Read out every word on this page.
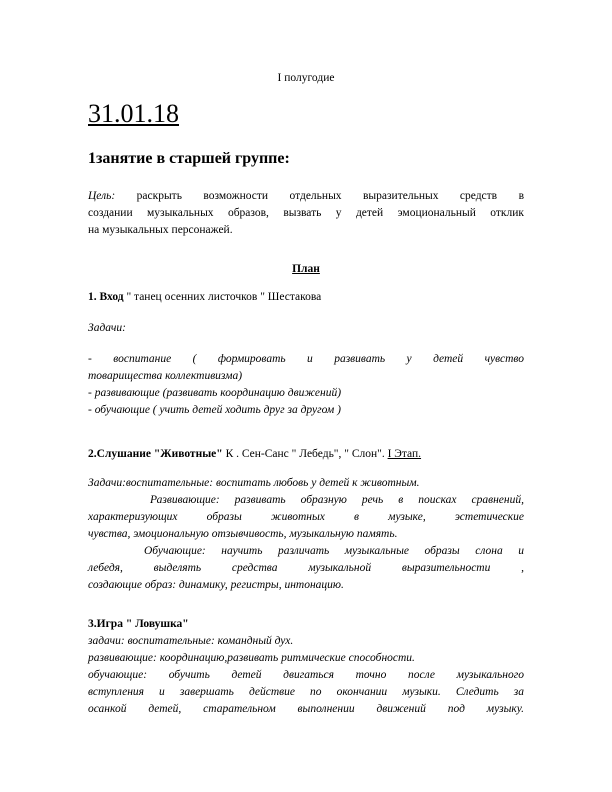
I полугодие
31.01.18
1занятие в старшей группе:
Цель: раскрыть возможности отдельных выразительных средств в
создании музыкальных образов, вызвать у детей эмоциональный отклик
на музыкальных персонажей.
План
1. Вход " танец осенних листочков " Шестакова
Задачи:
- воспитание ( формировать и развивать у детей чувство
товарищества коллективизма)
- развивающие (развивать координацию движений)
- обучающие ( учить детей ходить друг за другом )
2.Слушание "Животные" К . Сен-Санс " Лебедь", " Слон". I Этап.
Задачи:воспитательные: воспитать любовь у детей к животным.
Развивающие: развивать образную речь в поисках сравнений,
характеризующих образы животных в музыке, эстетические
чувства, эмоциональную отзывчивость, музыкальную память.
Обучающие: научить различать музыкальные образы слона и
лебедя, выделять средства музыкальной выразительности ,
создающие образ: динамику, регистры, интонацию.
3.Игра " Ловушка"
задачи: воспитательные: командный дух.
развивающие: координацию,развивать ритмические способности.
обучающие: обучить детей двигаться точно после музыкального
вступления и завершать действие по окончании музыки. Следить за
осанкой детей, старательном выполнении движений под музыку.
